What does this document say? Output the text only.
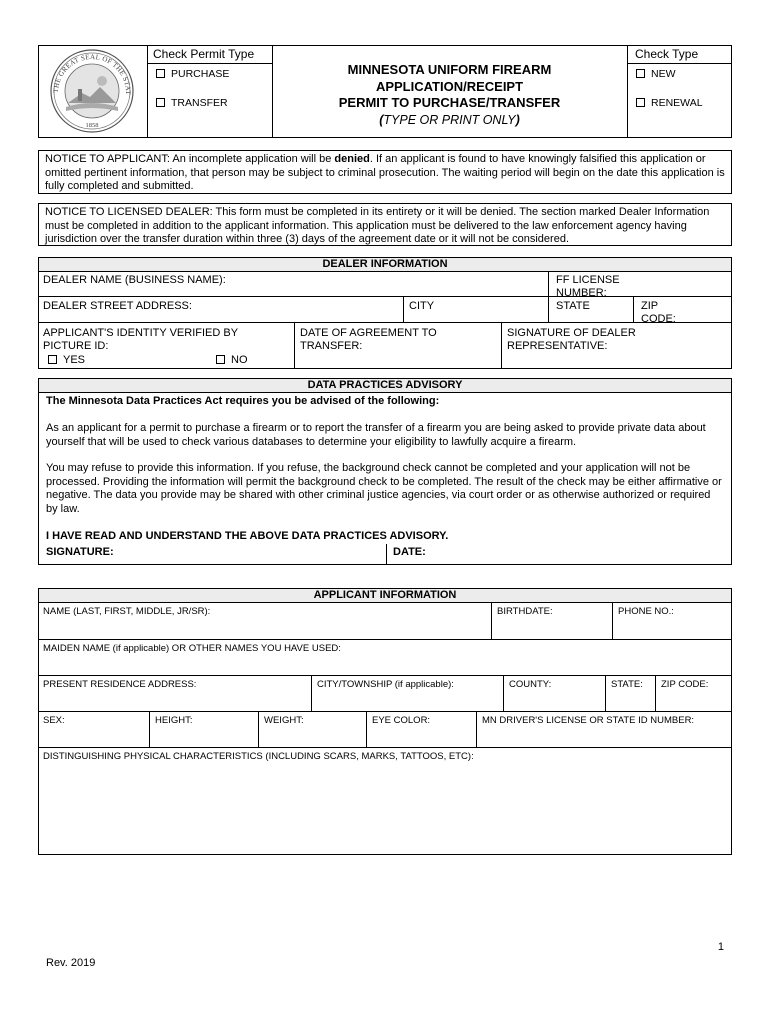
THE GREAT SEAL OF THE STAT
1858
Check Permit Type
PURCHASE
TRANSFER
MINNESOTA UNIFORM FIREARM
APPLICATION/RECEIPT
PERMIT TO PURCHASE/TRANSFER
(TYPE OR PRINT ONLY)
Check Type
NEW
RENEWAL
NOTICE TO APPLICANT: An incomplete application will be denied. If an applicant is found to have knowingly falsified this application or omitted pertinent information, that person may be subject to criminal prosecution. The waiting period will begin on the date this application is fully completed and submitted.
NOTICE TO LICENSED DEALER: This form must be completed in its entirety or it will be denied. The section marked Dealer Information must be completed in addition to the applicant information. This application must be delivered to the law enforcement agency having jurisdiction over the transfer duration within three (3) days of the agreement date or it will not be considered.
DEALER INFORMATION
DEALER NAME (BUSINESS NAME):	FF LICENSE NUMBER:
DEALER STREET ADDRESS:	CITY	STATE	ZIP CODE:
APPLICANT'S IDENTITY VERIFIED BY PICTURE ID:
YES	NO
DATE OF AGREEMENT TO TRANSFER:
SIGNATURE OF DEALER REPRESENTATIVE:
DATA PRACTICES ADVISORY
The Minnesota Data Practices Act requires you be advised of the following:
As an applicant for a permit to purchase a firearm or to report the transfer of a firearm you are being asked to provide private data about yourself that will be used to check various databases to determine your eligibility to lawfully acquire a firearm.
You may refuse to provide this information. If you refuse, the background check cannot be completed and your application will not be processed. Providing the information will permit the background check to be completed. The result of the check may be either affirmative or negative. The data you provide may be shared with other criminal justice agencies, via court order or as otherwise authorized or required by law.
I HAVE READ AND UNDERSTAND THE ABOVE DATA PRACTICES ADVISORY.
SIGNATURE:	DATE:
APPLICANT INFORMATION
NAME (LAST, FIRST, MIDDLE, JR/SR):	BIRTHDATE:	PHONE NO.:
MAIDEN NAME (if applicable) OR OTHER NAMES YOU HAVE USED:
PRESENT RESIDENCE ADDRESS:	CITY/TOWNSHIP (if applicable):	COUNTY:	STATE:	ZIP CODE:
SEX:	HEIGHT:	WEIGHT:	EYE COLOR:	MN DRIVER'S LICENSE OR STATE ID NUMBER:
DISTINGUISHING PHYSICAL CHARACTERISTICS (INCLUDING SCARS, MARKS, TATTOOS, ETC):
1
Rev. 2019
